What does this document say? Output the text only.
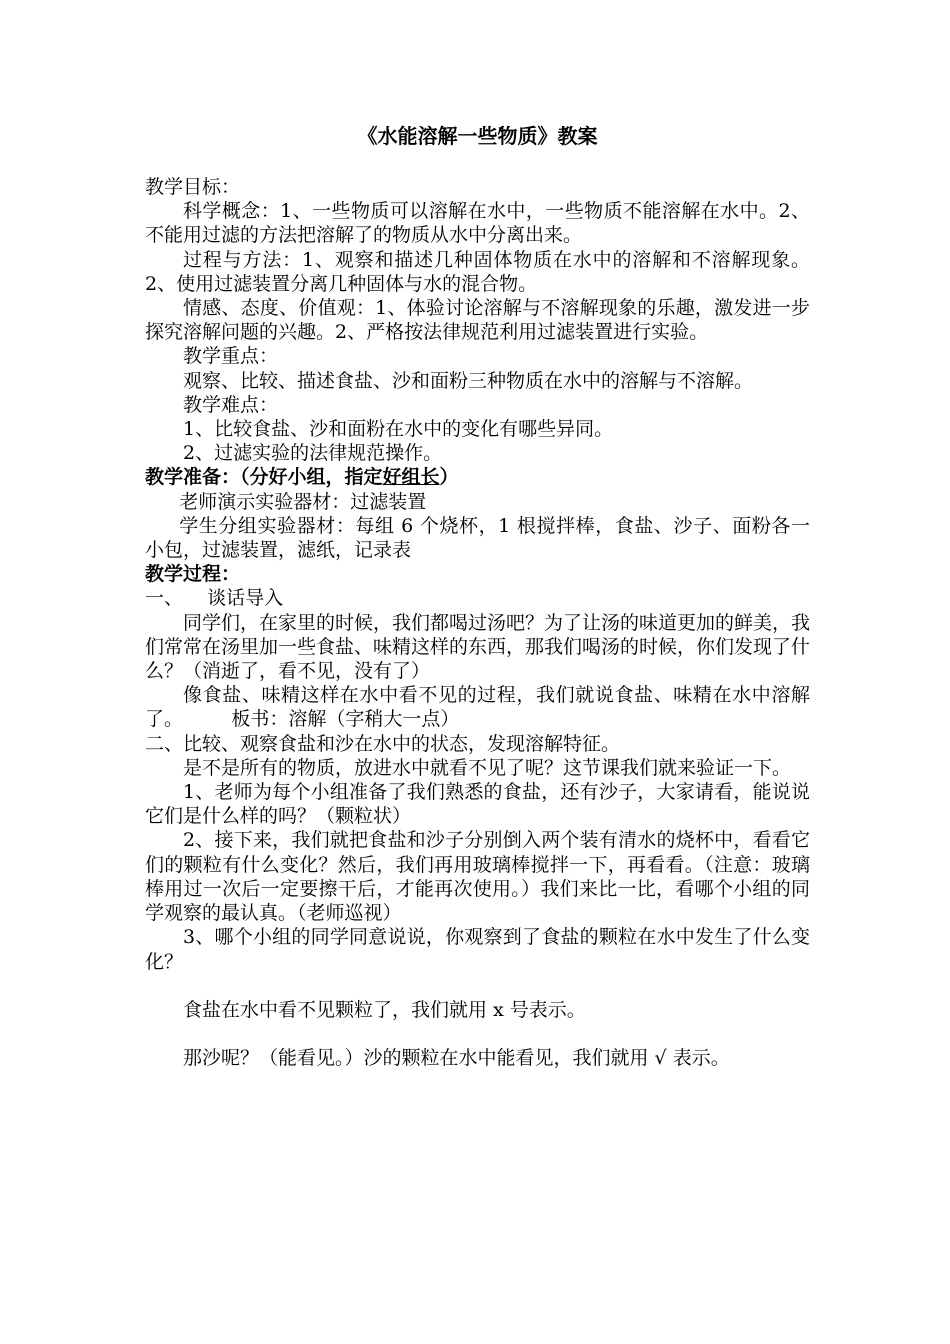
《水能溶解一些物质》教案

教学目标：

科学概念：1、一些物质可以溶解在水中，一些物质不能溶解在水中。2、不能用过滤的方法把溶解了的物质从水中分离出来。

过程与方法：1、观察和描述几种固体物质在水中的溶解和不溶解现象。2、使用过滤装置分离几种固体与水的混合物。

情感、态度、价值观：1、体验讨论溶解与不溶解现象的乐趣，激发进一步探究溶解问题的兴趣。2、严格按法律规范利用过滤装置进行实验。

教学重点：

观察、比较、描述食盐、沙和面粉三种物质在水中的溶解与不溶解。

教学难点：

1、比较食盐、沙和面粉在水中的变化有哪些异同。

2、过滤实验的法律规范操作。

教学准备：（分好小组，指定好组长）

老师演示实验器材：过滤装置

学生分组实验器材：每组 6 个烧杯，1 根搅拌棒，食盐、沙子、面粉各一小包，过滤装置，滤纸，记录表

教学过程：

一、    谈话导入

同学们，在家里的时候，我们都喝过汤吧？为了让汤的味道更加的鲜美，我们常常在汤里加一些食盐、味精这样的东西，那我们喝汤的时候，你们发现了什么？（消逝了，看不见，没有了）

像食盐、味精这样在水中看不见的过程，我们就说食盐、味精在水中溶解了。        板书：溶解（字稍大一点）

二、比较、观察食盐和沙在水中的状态，发现溶解特征。

是不是所有的物质，放进水中就看不见了呢？这节课我们就来验证一下。

1、老师为每个小组准备了我们熟悉的食盐，还有沙子，大家请看，能说说它们是什么样的吗？（颗粒状）

2、接下来，我们就把食盐和沙子分别倒入两个装有清水的烧杯中，看看它们的颗粒有什么变化？然后，我们再用玻璃棒搅拌一下，再看看。（注意：玻璃棒用过一次后一定要擦干后，才能再次使用。）我们来比一比，看哪个小组的同学观察的最认真。（老师巡视）

3、哪个小组的同学同意说说，你观察到了食盐的颗粒在水中发生了什么变化？

食盐在水中看不见颗粒了，我们就用 x 号表示。

那沙呢？（能看见。）沙的颗粒在水中能看见，我们就用 √ 表示。
